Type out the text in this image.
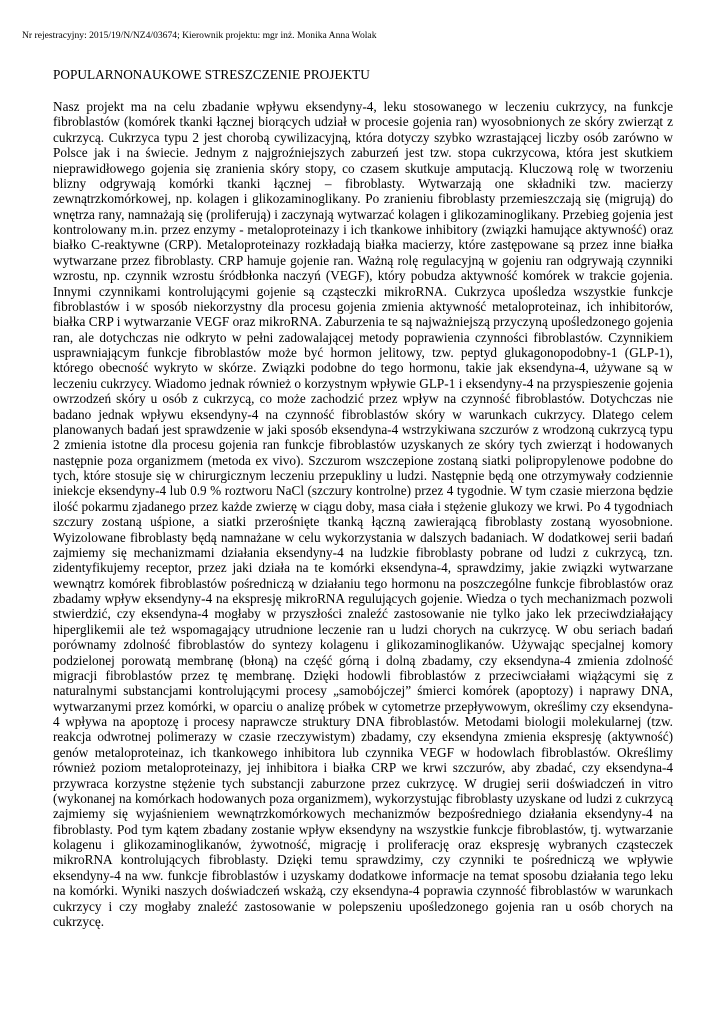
Nr rejestracyjny: 2015/19/N/NZ4/03674; Kierownik projektu: mgr inż. Monika Anna Wolak
POPULARNONAUKOWE STRESZCZENIE PROJEKTU

Nasz projekt ma na celu zbadanie wpływu eksendyny-4, leku stosowanego w leczeniu cukrzycy, na funkcje fibroblastów (komórek tkanki łącznej biorących udział w procesie gojenia ran) wyosobnionych ze skóry zwierząt z cukrzycą. Cukrzyca typu 2 jest chorobą cywilizacyjną, która dotyczy szybko wzrastającej liczby osób zarówno w Polsce jak i na świecie. Jednym z najgroźniejszych zaburzeń jest tzw. stopa cukrzycowa, która jest skutkiem nieprawidłowego gojenia się zranienia skóry stopy, co czasem skutkuje amputacją. Kluczową rolę w tworzeniu blizny odgrywają komórki tkanki łącznej – fibroblasty. Wytwarzają one składniki tzw. macierzy zewnątrzkomórkowej, np. kolagen i glikozaminoglikany. Po zranieniu fibroblasty przemieszczają się (migrują) do wnętrza rany, namnażają się (proliferują) i zaczynają wytwarzać kolagen i glikozaminoglikany. Przebieg gojenia jest kontrolowany m.in. przez enzymy - metaloproteinazy i ich tkankowe inhibitory (związki hamujące aktywność) oraz białko C-reaktywne (CRP). Metaloproteinazy rozkładają białka macierzy, które zastępowane są przez inne białka wytwarzane przez fibroblasty. CRP hamuje gojenie ran. Ważną rolę regulacyjną w gojeniu ran odgrywają czynniki wzrostu, np. czynnik wzrostu śródbłonka naczyń (VEGF), który pobudza aktywność komórek w trakcie gojenia. Innymi czynnikami kontrolującymi gojenie są cząsteczki mikroRNA. Cukrzyca upośledza wszystkie funkcje fibroblastów i w sposób niekorzystny dla procesu gojenia zmienia aktywność metaloproteinaz, ich inhibitorów, białka CRP i wytwarzanie VEGF oraz mikroRNA. Zaburzenia te są najważniejszą przyczyną upośledzonego gojenia ran, ale dotychczas nie odkryto w pełni zadowalającej metody poprawienia czynności fibroblastów. Czynnikiem usprawniającym funkcje fibroblastów może być hormon jelitowy, tzw. peptyd glukagonopodobny-1 (GLP-1), którego obecność wykryto w skórze. Związki podobne do tego hormonu, takie jak eksendyna-4, używane są w leczeniu cukrzycy. Wiadomo jednak również o korzystnym wpływie GLP-1 i eksendyny-4 na przyspieszenie gojenia owrzodzeń skóry u osób z cukrzycą, co może zachodzić przez wpływ na czynność fibroblastów. Dotychczas nie badano jednak wpływu eksendyny-4 na czynność fibroblastów skóry w warunkach cukrzycy. Dlatego celem planowanych badań jest sprawdzenie w jaki sposób eksendyna-4 wstrzykiwana szczurów z wrodzoną cukrzycą typu 2 zmienia istotne dla procesu gojenia ran funkcje fibroblastów uzyskanych ze skóry tych zwierząt i hodowanych następnie poza organizmem (metoda ex vivo). Szczurom wszczepione zostaną siatki polipropylenowe podobne do tych, które stosuje się w chirurgicznym leczeniu przepukliny u ludzi. Następnie będą one otrzymywały codziennie iniekcje eksendyny-4 lub 0.9 % roztworu NaCl (szczury kontrolne) przez 4 tygodnie. W tym czasie mierzona będzie ilość pokarmu zjadanego przez każde zwierzę w ciągu doby, masa ciała i stężenie glukozy we krwi. Po 4 tygodniach szczury zostaną uśpione, a siatki przerośnięte tkanką łączną zawierającą fibroblasty zostaną wyosobnione. Wyizolowane fibroblasty będą namnażane w celu wykorzystania w dalszych badaniach. W dodatkowej serii badań zajmiemy się mechanizmami działania eksendyny-4 na ludzkie fibroblasty pobrane od ludzi z cukrzycą, tzn. zidentyfikujemy receptor, przez jaki działa na te komórki eksendyna-4, sprawdzimy, jakie związki wytwarzane wewnątrz komórek fibroblastów pośredniczą w działaniu tego hormonu na poszczególne funkcje fibroblastów oraz zbadamy wpływ eksendyny-4 na ekspresję mikroRNA regulujących gojenie. Wiedza o tych mechanizmach pozwoli stwierdzić, czy eksendyna-4 mogłaby w przyszłości znaleźć zastosowanie nie tylko jako lek przeciwdziałający hiperglikemii ale też wspomagający utrudnione leczenie ran u ludzi chorych na cukrzycę. W obu seriach badań porównamy zdolność fibroblastów do syntezy kolagenu i glikozaminoglikanów. Używając specjalnej komory podzielonej porowatą membranę (błoną) na część górną i dolną zbadamy, czy eksendyna-4 zmienia zdolność migracji fibroblastów przez tę membranę. Dzięki hodowli fibroblastów z przeciwciałami wiążącymi się z naturalnymi substancjami kontrolującymi procesy „samobójczej” śmierci komórek (apoptozy) i naprawy DNA, wytwarzanymi przez komórki, w oparciu o analizę próbek w cytometrze przepływowym, określimy czy eksendyna-4 wpływa na apoptozę i procesy naprawcze struktury DNA fibroblastów. Metodami biologii molekularnej (tzw. reakcja odwrotnej polimerazy w czasie rzeczywistym) zbadamy, czy eksendyna zmienia ekspresję (aktywność) genów metaloproteinaz, ich tkankowego inhibitora lub czynnika VEGF w hodowlach fibroblastów. Określimy również poziom metaloproteinazy, jej inhibitora i białka CRP we krwi szczurów, aby zbadać, czy eksendyna-4 przywraca korzystne stężenie tych substancji zaburzone przez cukrzycę. W drugiej serii doświadczeń in vitro (wykonanej na komórkach hodowanych poza organizmem), wykorzystując fibroblasty uzyskane od ludzi z cukrzycą zajmiemy się wyjaśnieniem wewnątrzkomórkowych mechanizmów bezpośredniego działania eksendyny-4 na fibroblasty. Pod tym kątem zbadany zostanie wpływ eksendyny na wszystkie funkcje fibroblastów, tj. wytwarzanie kolagenu i glikozaminoglikanów, żywotność, migrację i proliferację oraz ekspresję wybranych cząsteczek mikroRNA kontrolujących fibroblasty. Dzięki temu sprawdzimy, czy czynniki te pośredniczą we wpływie eksendyny-4 na ww. funkcje fibroblastów i uzyskamy dodatkowe informacje na temat sposobu działania tego leku na komórki. Wyniki naszych doświadczeń wskażą, czy eksendyna-4 poprawia czynność fibroblastów w warunkach cukrzycy i czy mogłaby znaleźć zastosowanie w polepszeniu upośledzonego gojenia ran u osób chorych na cukrzycę.
